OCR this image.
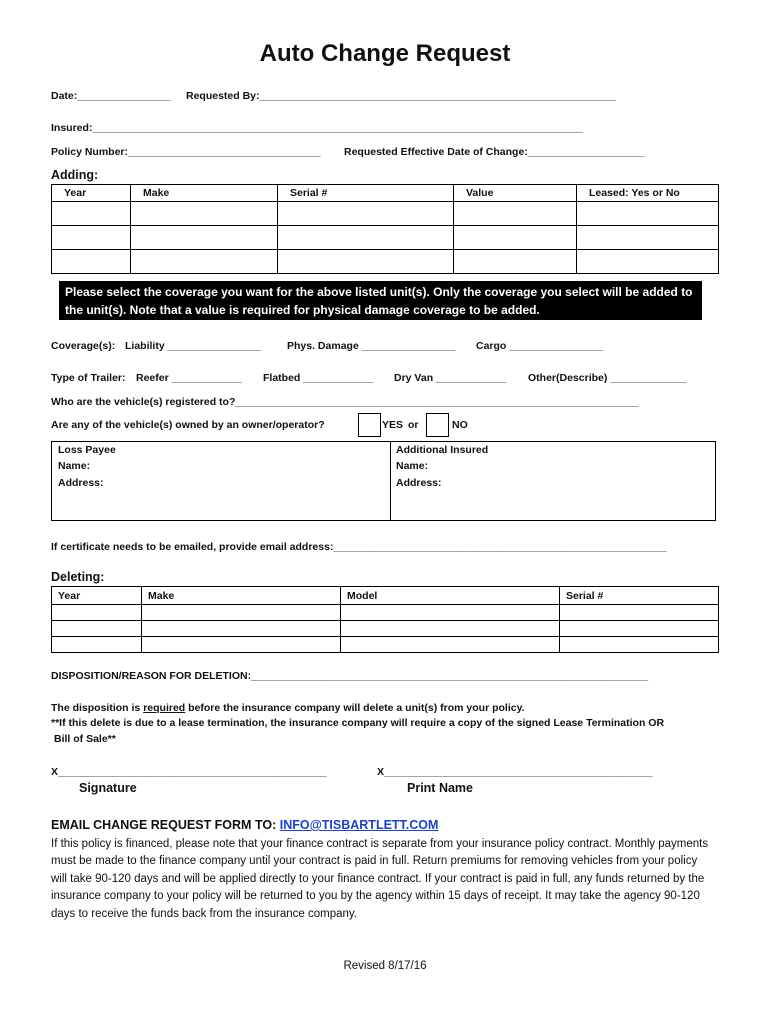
Auto Change Request
Date:________________ Requested By:_____________________________________________________________
Insured:____________________________________________________________________________________
Policy Number:_________________________________ Requested Effective Date of Change:____________________
Adding:
Year	Make	Serial #	Value	Leased: Yes or No

Please select the coverage you want for the above listed unit(s). Only the coverage you select will be added to the unit(s). Note that a value is required for physical damage coverage to be added.
Coverage(s): Liability ________________ Phys. Damage ________________ Cargo ________________
Type of Trailer: Reefer ____________ Flatbed ____________ Dry Van ____________ Other(Describe) _____________
Who are the vehicle(s) registered to?_____________________________________________________________________
Are any of the vehicle(s) owned by an owner/operator?	YES or	NO
Loss Payee
Name:
Address:
Additional Insured
Name:
Address:
If certificate needs to be emailed, provide email address:_________________________________________________________
Deleting:
Year	Make	Model	Serial #

DISPOSITION/REASON FOR DELETION:____________________________________________________________________
The disposition is required before the insurance company will delete a unit(s) from your policy.
**If this delete is due to a lease termination, the insurance company will require a copy of the signed Lease Termination OR
Bill of Sale**
X______________________________________________	X______________________________________________
Signature	Print Name
EMAIL CHANGE REQUEST FORM TO: INFO@TISBARTLETT.COM
If this policy is financed, please note that your finance contract is separate from your insurance policy contract. Monthly payments must be made to the finance company until your contract is paid in full. Return premiums for removing vehicles from your policy will take 90-120 days and will be applied directly to your finance contract. If your contract is paid in full, any funds returned by the insurance company to your policy will be returned to you by the agency within 15 days of receipt. It may take the agency 90-120 days to receive the funds back from the insurance company.
Revised 8/17/16
